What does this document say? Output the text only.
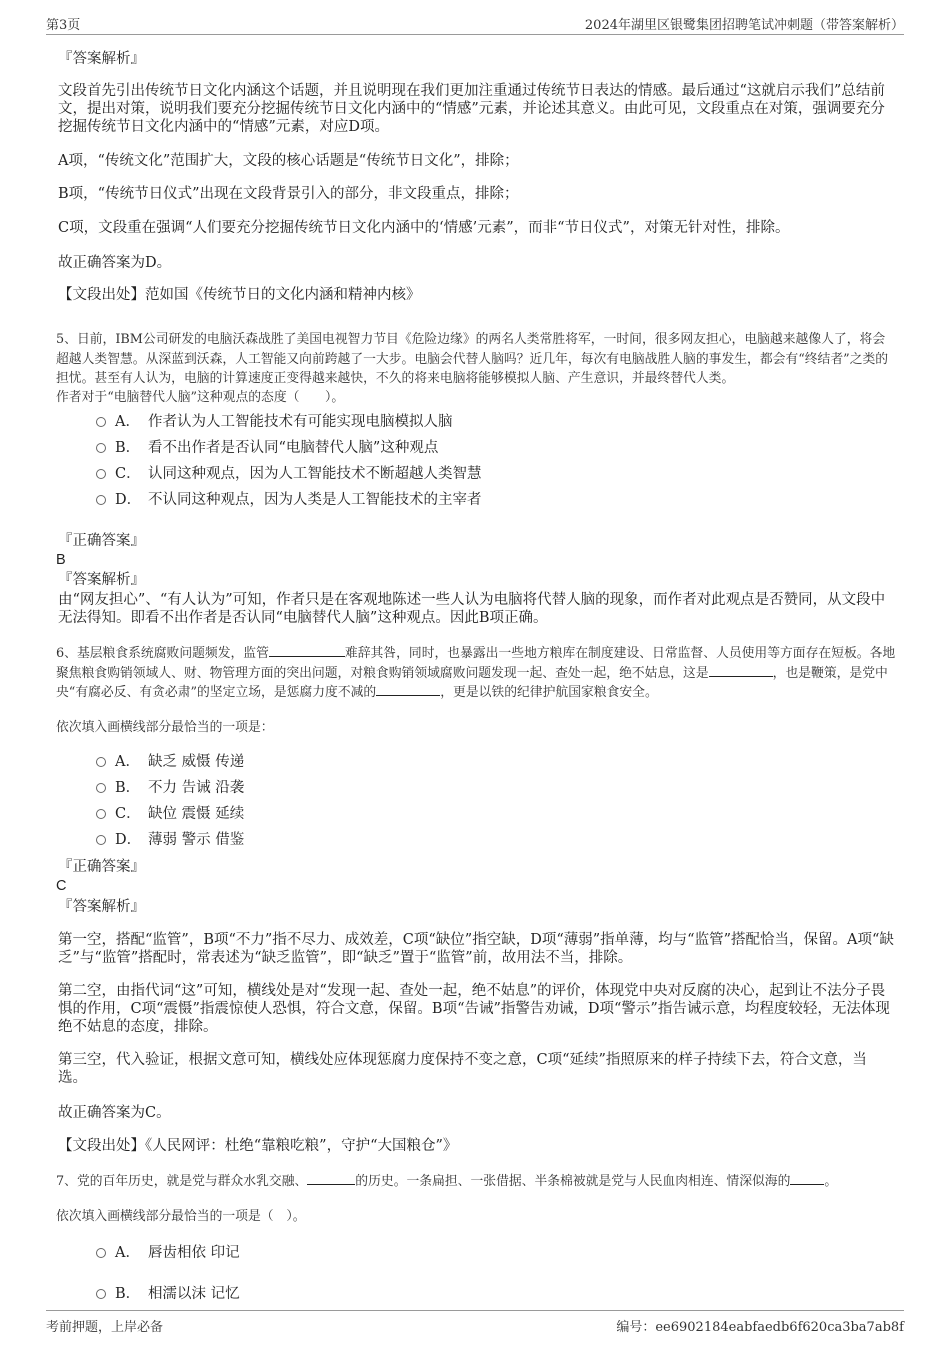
第3页	2024年湖里区银鹭集团招聘笔试冲刺题（带答案解析）
『答案解析』
文段首先引出传统节日文化内涵这个话题，并且说明现在我们更加注重通过传统节日表达的情感。最后通过“这就启示我们”总结前文，提出对策，说明我们要充分挖掘传统节日文化内涵中的“情感”元素，并论述其意义。由此可见，文段重点在对策，强调要充分挖掘传统节日文化内涵中的“情感”元素，对应D项。
A项，“传统文化”范围扩大，文段的核心话题是“传统节日文化”，排除；
B项，“传统节日仪式”出现在文段背景引入的部分，非文段重点，排除；
C项，文段重在强调“人们要充分挖掘传统节日文化内涵中的‘情感’元素”，而非“节日仪式”，对策无针对性，排除。
故正确答案为D。
【文段出处】范如国《传统节日的文化内涵和精神内核》
5、日前，IBM公司研发的电脑沃森战胜了美国电视智力节目《危险边缘》的两名人类常胜将军，一时间，很多网友担心，电脑越来越像人了，将会超越人类智慧。从深蓝到沃森，人工智能又向前跨越了一大步。电脑会代替人脑吗？近几年，每次有电脑战胜人脑的事发生，都会有“终结者”之类的担忧。甚至有人认为，电脑的计算速度正变得越来越快，不久的将来电脑将能够模拟人脑、产生意识，并最终替代人类。
作者对于“电脑替代人脑”这种观点的态度（　　）。
A． 作者认为人工智能技术有可能实现电脑模拟人脑
B． 看不出作者是否认同“电脑替代人脑”这种观点
C． 认同这种观点，因为人工智能技术不断超越人类智慧
D． 不认同这种观点，因为人类是人工智能技术的主宰者
『正确答案』
B
『答案解析』
由“网友担心”、“有人认为”可知，作者只是在客观地陈述一些人认为电脑将代替人脑的现象，而作者对此观点是否赞同，从文段中无法得知。即看不出作者是否认同“电脑替代人脑”这种观点。因此B项正确。
6、基层粮食系统腐败问题频发，监管	难辞其咎，同时，也暴露出一些地方粮库在制度建设、日常监督、人员使用等方面存在短板。各地聚焦粮食购销领域人、财、物管理方面的突出问题，对粮食购销领域腐败问题发现一起、查处一起，绝不姑息，这是	，也是鞭策，是党中央“有腐必反、有贪必肃”的坚定立场，是惩腐力度不减的	，更是以铁的纪律护航国家粮食安全。
依次填入画横线部分最恰当的一项是：
A． 缺乏 威慑 传递
B． 不力 告诫 沿袭
C． 缺位 震慑 延续
D． 薄弱 警示 借鉴
『正确答案』
C
『答案解析』
第一空，搭配“监管”，B项“不力”指不尽力、成效差，C项“缺位”指空缺，D项“薄弱”指单薄，均与“监管”搭配恰当，保留。A项“缺乏”与“监管”搭配时，常表述为“缺乏监管”，即“缺乏”置于“监管”前，故用法不当，排除。
第二空，由指代词“这”可知，横线处是对“发现一起、查处一起，绝不姑息”的评价，体现党中央对反腐的决心，起到让不法分子畏惧的作用，C项“震慑”指震惊使人恐惧，符合文意，保留。B项“告诫”指警告劝诫，D项“警示”指告诫示意，均程度较轻，无法体现绝不姑息的态度，排除。
第三空，代入验证，根据文意可知，横线处应体现惩腐力度保持不变之意，C项“延续”指照原来的样子持续下去，符合文意，当选。
故正确答案为C。
【文段出处】《人民网评：杜绝“靠粮吃粮”，守护“大国粮仓”》
7、党的百年历史，就是党与群众水乳交融、	的历史。一条扁担、一张借据、半条棉被就是党与人民血肉相连、情深似海的	。
依次填入画横线部分最恰当的一项是（　）。
A． 唇齿相依 印记
B． 相濡以沫 记忆
考前押题，上岸必备	编号：ee6902184eabfaedb6f620ca3ba7ab8f
